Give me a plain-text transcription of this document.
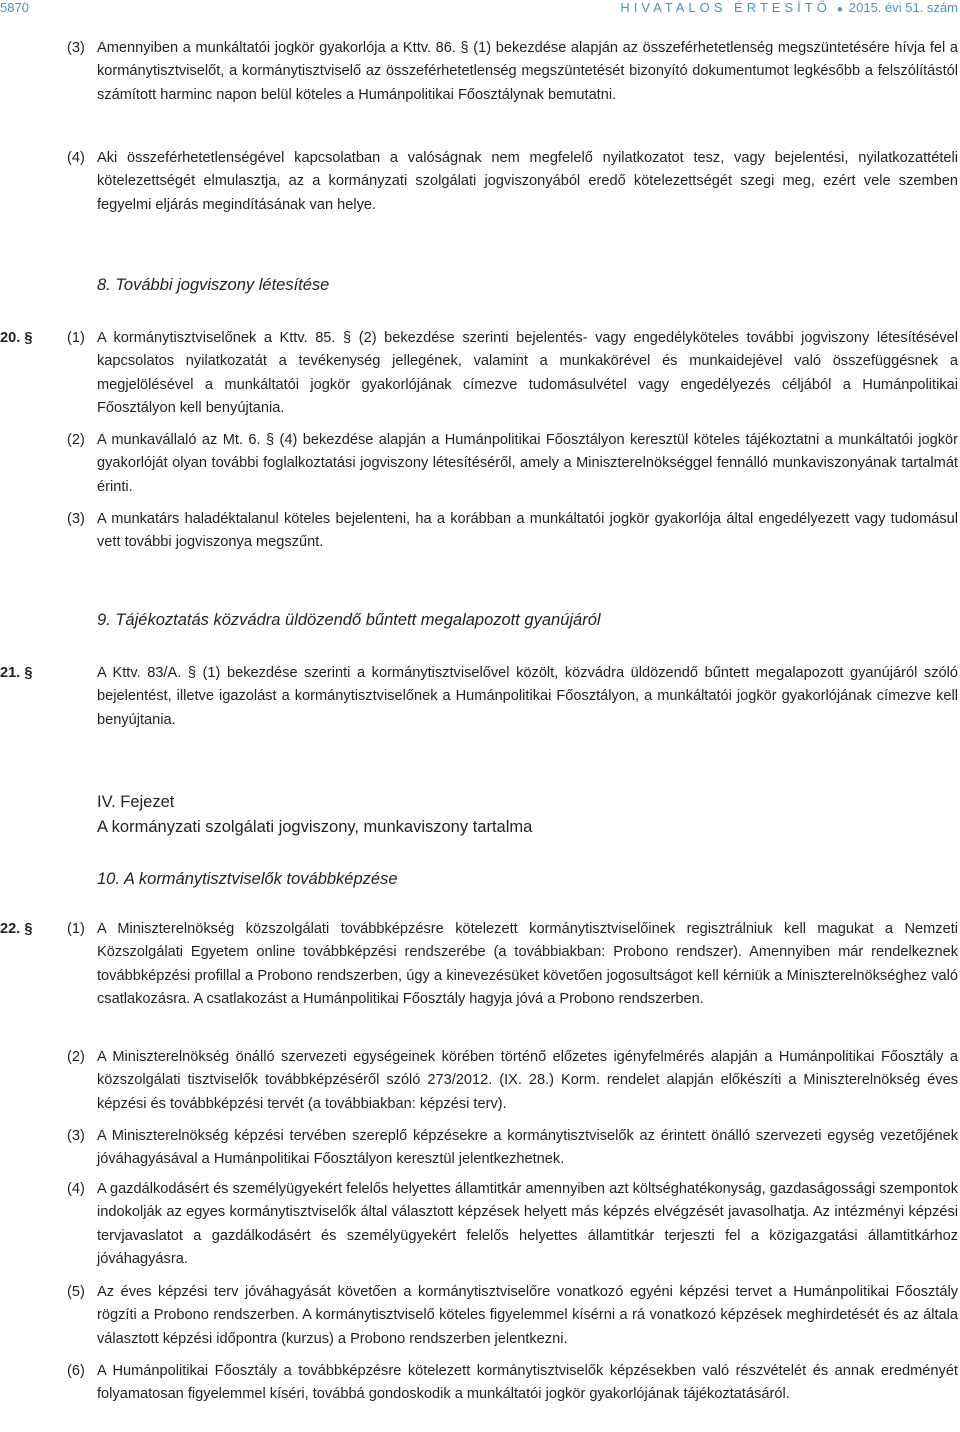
5870	HIVATALOS ÉRTESÍTŐ ● 2015. évi 51. szám
(3) Amennyiben a munkáltatói jogkör gyakorlója a Kttv. 86. § (1) bekezdése alapján az összeférhetetlenség megszüntetésére hívja fel a kormánytisztviselőt, a kormánytisztviselő az összeférhetetlenség megszüntetését bizonyító dokumentumot legkésőbb a felszólítástól számított harminc napon belül köteles a Humánpolitikai Főosztálynak bemutatni.
(4) Aki összeférhetetlenségével kapcsolatban a valóságnak nem megfelelő nyilatkozatot tesz, vagy bejelentési, nyilatkozattételi kötelezettségét elmulasztja, az a kormányzati szolgálati jogviszonyából eredő kötelezettségét szegi meg, ezért vele szemben fegyelmi eljárás megindításának van helye.
8. További jogviszony létesítése
20. § (1) A kormánytisztviselőnek a Kttv. 85. § (2) bekezdése szerinti bejelentés- vagy engedélyköteles további jogviszony létesítésével kapcsolatos nyilatkozatát a tevékenység jellegének, valamint a munkakörével és munkaidejével való összefüggésnek a megjelölésével a munkáltatói jogkör gyakorlójának címezve tudomásulvétel vagy engedélyezés céljából a Humánpolitikai Főosztályon kell benyújtania.
(2) A munkavállaló az Mt. 6. § (4) bekezdése alapján a Humánpolitikai Főosztályon keresztül köteles tájékoztatni a munkáltatói jogkör gyakorlóját olyan további foglalkoztatási jogviszony létesítéséről, amely a Miniszterelnökséggel fennálló munkaviszonyának tartalmát érinti.
(3) A munkatárs haladéktalanul köteles bejelenteni, ha a korábban a munkáltatói jogkör gyakorlója által engedélyezett vagy tudomásul vett további jogviszonya megszűnt.
9. Tájékoztatás közvádra üldözendő bűntett megalapozott gyanújáról
21. §	A Kttv. 83/A. § (1) bekezdése szerinti a kormánytisztviselővel közölt, közvádra üldözendő bűntett megalapozott gyanújáról szóló bejelentést, illetve igazolást a kormánytisztviselőnek a Humánpolitikai Főosztályon, a munkáltatói jogkör gyakorlójának címezve kell benyújtania.
IV. Fejezet
A kormányzati szolgálati jogviszony, munkaviszony tartalma
10. A kormánytisztviselők továbbképzése
22. § (1) A Miniszterelnökség közszolgálati továbbképzésre kötelezett kormánytisztviselőinek regisztrálniuk kell magukat a Nemzeti Közszolgálati Egyetem online továbbképzési rendszerébe (a továbbiakban: Probono rendszer). Amennyiben már rendelkeznek továbbképzési profillal a Probono rendszerben, úgy a kinevezésüket követően jogosultságot kell kérniük a Miniszterelnökséghez való csatlakozásra. A csatlakozást a Humánpolitikai Főosztály hagyja jóvá a Probono rendszerben.
(2) A Miniszterelnökség önálló szervezeti egységeinek körében történő előzetes igényfelmérés alapján a Humánpolitikai Főosztály a közszolgálati tisztviselők továbbképzéséről szóló 273/2012. (IX. 28.) Korm. rendelet alapján előkészíti a Miniszterelnökség éves képzési és továbbképzési tervét (a továbbiakban: képzési terv).
(3) A Miniszterelnökség képzési tervében szereplő képzésekre a kormánytisztviselők az érintett önálló szervezeti egység vezetőjének jóváhagyásával a Humánpolitikai Főosztályon keresztül jelentkezhetnek.
(4) A gazdálkodásért és személyügyekért felelős helyettes államtitkár amennyiben azt költséghatékonyság, gazdaságossági szempontok indokolják az egyes kormánytisztviselők által választott képzések helyett más képzés elvégzését javasolhatja. Az intézményi képzési tervjavaslatot a gazdálkodásért és személyügyekért felelős helyettes államtitkár terjeszti fel a közigazgatási államtitkárhoz jóváhagyásra.
(5) Az éves képzési terv jóváhagyását követően a kormánytisztviselőre vonatkozó egyéni képzési tervet a Humánpolitikai Főosztály rögzíti a Probono rendszerben. A kormánytisztviselő köteles figyelemmel kísérni a rá vonatkozó képzések meghirdetését és az általa választott képzési időpontra (kurzus) a Probono rendszerben jelentkezni.
(6) A Humánpolitikai Főosztály a továbbképzésre kötelezett kormánytisztviselők képzésekben való részvételét és annak eredményét folyamatosan figyelemmel kíséri, továbbá gondoskodik a munkáltatói jogkör gyakorlójának tájékoztatásáról.
